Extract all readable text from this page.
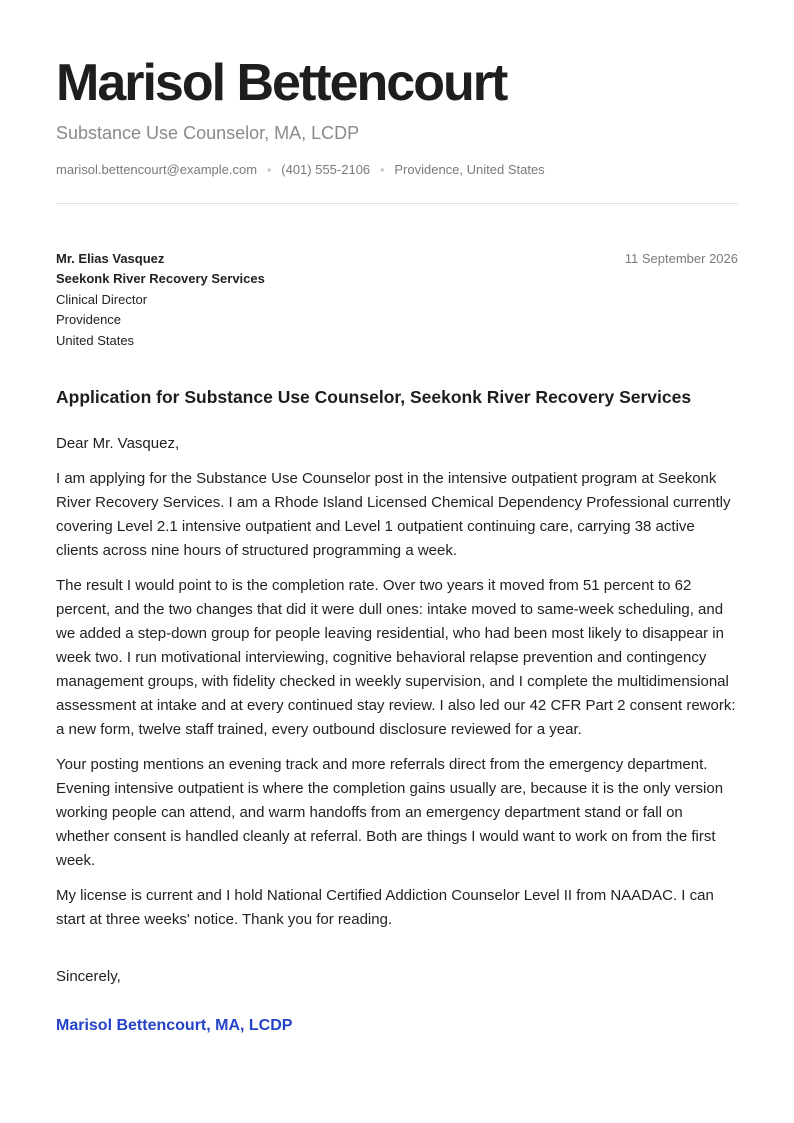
Marisol Bettencourt
Substance Use Counselor, MA, LCDP
marisol.bettencourt@example.com • (401) 555-2106 • Providence, United States
Mr. Elias Vasquez
Seekonk River Recovery Services
Clinical Director
Providence
United States
11 September 2026
Application for Substance Use Counselor, Seekonk River Recovery Services
Dear Mr. Vasquez,

I am applying for the Substance Use Counselor post in the intensive outpatient program at Seekonk River Recovery Services. I am a Rhode Island Licensed Chemical Dependency Professional currently covering Level 2.1 intensive outpatient and Level 1 outpatient continuing care, carrying 38 active clients across nine hours of structured programming a week.

The result I would point to is the completion rate. Over two years it moved from 51 percent to 62 percent, and the two changes that did it were dull ones: intake moved to same-week scheduling, and we added a step-down group for people leaving residential, who had been most likely to disappear in week two. I run motivational interviewing, cognitive behavioral relapse prevention and contingency management groups, with fidelity checked in weekly supervision, and I complete the multidimensional assessment at intake and at every continued stay review. I also led our 42 CFR Part 2 consent rework: a new form, twelve staff trained, every outbound disclosure reviewed for a year.

Your posting mentions an evening track and more referrals direct from the emergency department. Evening intensive outpatient is where the completion gains usually are, because it is the only version working people can attend, and warm handoffs from an emergency department stand or fall on whether consent is handled cleanly at referral. Both are things I would want to work on from the first week.

My license is current and I hold National Certified Addiction Counselor Level II from NAADAC. I can start at three weeks' notice. Thank you for reading.

Sincerely,
Marisol Bettencourt, MA, LCDP
